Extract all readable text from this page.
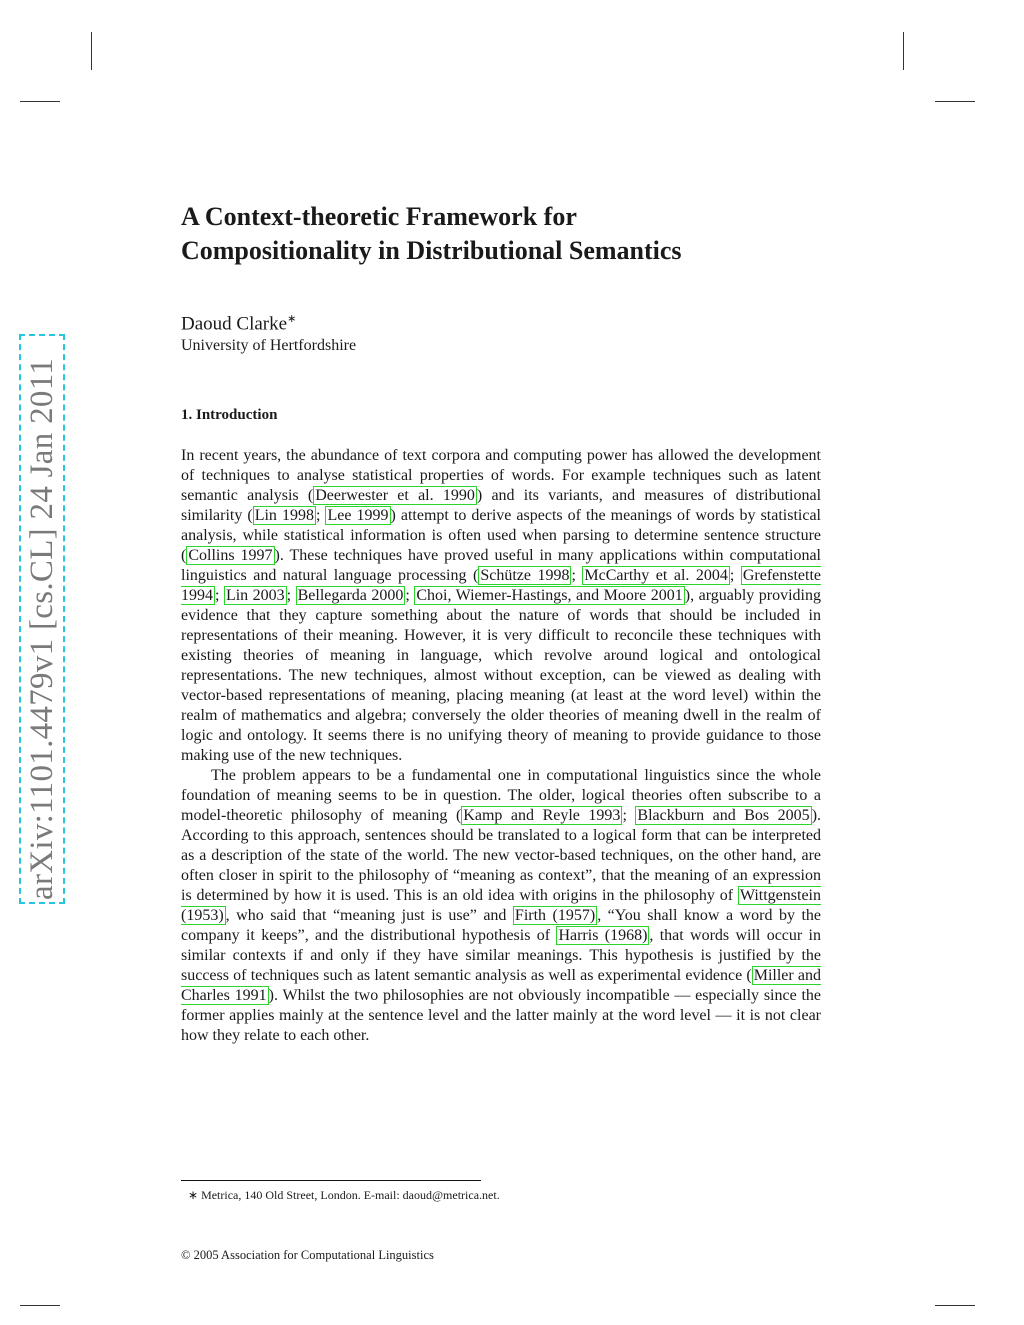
arXiv:1101.4479v1 [cs.CL] 24 Jan 2011
A Context-theoretic Framework for
Compositionality in Distributional Semantics
Daoud Clarke∗
University of Hertfordshire
1. Introduction

In recent years, the abundance of text corpora and computing power has allowed the development of techniques to analyse statistical properties of words. For example techniques such as latent semantic analysis ( Deerwester et al. 1990 ) and its variants, and measures of distributional similarity ( Lin 1998 ; Lee 1999 ) attempt to derive aspects of the meanings of words by statistical analysis, while statistical information is often used when parsing to determine sentence structure ( Collins 1997 ). These techniques have proved useful in many applications within computational linguistics and natural language processing ( Schütze 1998 ; McCarthy et al. 2004 ; Grefenstette 1994 ; Lin 2003 ; Bellegarda 2000 ; Choi, Wiemer-Hastings, and Moore 2001 ), arguably providing evidence that they capture something about the nature of words that should be included in representations of their meaning. However, it is very difficult to reconcile these techniques with existing theories of meaning in language, which revolve around logical and ontological representations. The new techniques, almost without exception, can be viewed as dealing with vector-based representations of meaning, placing meaning (at least at the word level) within the realm of mathematics and algebra; conversely the older theories of meaning dwell in the realm of logic and ontology. It seems there is no unifying theory of meaning to provide guidance to those making use of the new techniques.

The problem appears to be a fundamental one in computational linguistics since the whole foundation of meaning seems to be in question. The older, logical theories often subscribe to a model-theoretic philosophy of meaning ( Kamp and Reyle 1993 ; Blackburn and Bos 2005 ). According to this approach, sentences should be translated to a logical form that can be interpreted as a description of the state of the world. The new vector-based techniques, on the other hand, are often closer in spirit to the philosophy of “meaning as context”, that the meaning of an expression is determined by how it is used. This is an old idea with origins in the philosophy of Wittgenstein (1953) , who said that “meaning just is use” and Firth (1957) , “You shall know a word by the company it keeps”, and the distributional hypothesis of Harris (1968) , that words will occur in similar contexts if and only if they have similar meanings. This hypothesis is justified by the success of techniques such as latent semantic analysis as well as experimental evidence ( Miller and Charles 1991 ). Whilst the two philosophies are not obviously incompatible — especially since the former applies mainly at the sentence level and the latter mainly at the word level — it is not clear how they relate to each other.

∗ Metrica, 140 Old Street, London. E-mail: daoud@metrica.net.
© 2005 Association for Computational Linguistics
